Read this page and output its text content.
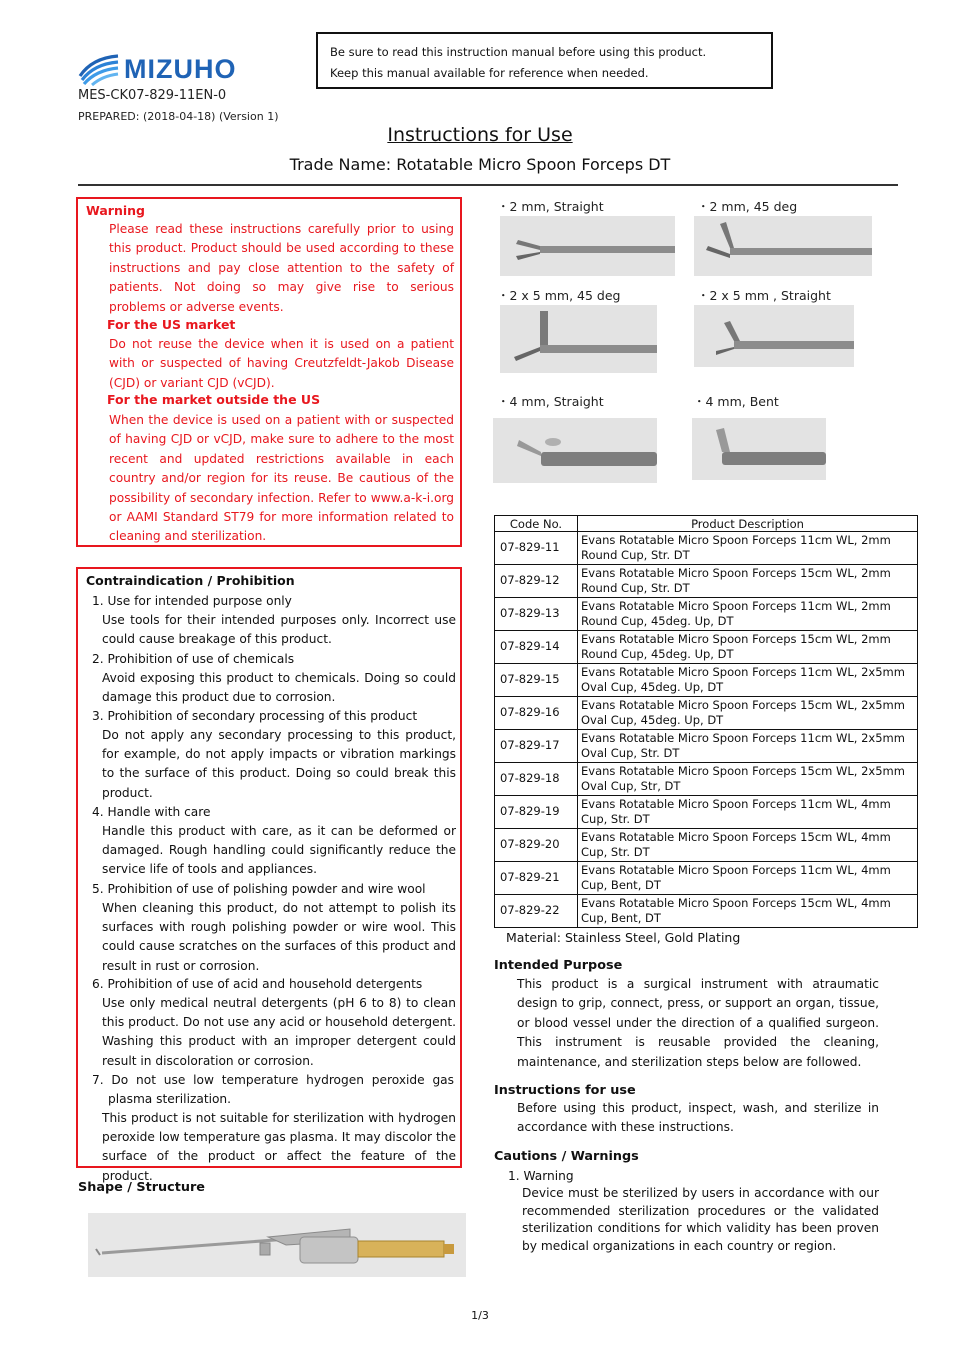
MIZUHO
MES-CK07-829-11EN-0
PREPARED: (2018-04-18) (Version 1)
Be sure to read this instruction manual before using this product.
Keep this manual available for reference when needed.
Instructions for Use
Trade Name: Rotatable Micro Spoon Forceps DT
Warning
Please read these instructions carefully prior to using this product. Product should be used according to these instructions and pay close attention to the safety of patients. Not doing so may give rise to serious problems or adverse events.
For the US market
Do not reuse the device when it is used on a patient with or suspected of having Creutzfeldt-Jakob Disease (CJD) or variant CJD (vCJD).
For the market outside the US
When the device is used on a patient with or suspected of having CJD or vCJD, make sure to adhere to the most recent and updated restrictions available in each country and/or region for its reuse. Be cautious of the possibility of secondary infection. Refer to www.a-k-i.org or AAMI Standard ST79 for more information related to cleaning and sterilization.
Contraindication / Prohibition
1. Use for intended purpose only
Use tools for their intended purposes only. Incorrect use could cause breakage of this product.
2. Prohibition of use of chemicals
Avoid exposing this product to chemicals. Doing so could damage this product due to corrosion.
3. Prohibition of secondary processing of this product
Do not apply any secondary processing to this product, for example, do not apply impacts or vibration markings to the surface of this product. Doing so could break this product.
4. Handle with care
Handle this product with care, as it can be deformed or damaged. Rough handling could significantly reduce the service life of tools and appliances.
5. Prohibition of use of polishing powder and wire wool
When cleaning this product, do not attempt to polish its surfaces with rough polishing powder or wire wool. This could cause scratches on the surfaces of this product and result in rust or corrosion.
6. Prohibition of use of acid and household detergents
Use only medical neutral detergents (pH 6 to 8) to clean this product. Do not use any acid or household detergent. Washing this product with an improper detergent could result in discoloration or corrosion.
7. Do not use low temperature hydrogen peroxide gas plasma sterilization.
This product is not suitable for sterilization with hydrogen peroxide low temperature gas plasma. It may discolor the surface of the product or affect the feature of the product.
Shape / Structure
・2 mm, Straight	・2 mm, 45 deg
・2 x 5 mm, 45 deg	・2 x 5 mm , Straight
・4 mm, Straight	・4 mm, Bent
Code No.	Product Description
07-829-11	Evans Rotatable Micro Spoon Forceps 11cm WL, 2mm
Round Cup, Str. DT

07-829-12	Evans Rotatable Micro Spoon Forceps 15cm WL, 2mm
Round Cup, Str. DT

07-829-13	Evans Rotatable Micro Spoon Forceps 11cm WL, 2mm
Round Cup, 45deg. Up, DT

07-829-14	Evans Rotatable Micro Spoon Forceps 15cm WL, 2mm
Round Cup, 45deg. Up, DT

07-829-15	Evans Rotatable Micro Spoon Forceps 11cm WL, 2x5mm
Oval Cup, 45deg. Up, DT

07-829-16	Evans Rotatable Micro Spoon Forceps 15cm WL, 2x5mm
Oval Cup, 45deg. Up, DT

07-829-17	Evans Rotatable Micro Spoon Forceps 11cm WL, 2x5mm
Oval Cup, Str. DT

07-829-18	Evans Rotatable Micro Spoon Forceps 15cm WL, 2x5mm
Oval Cup, Str, DT

07-829-19	Evans Rotatable Micro Spoon Forceps 11cm WL, 4mm
Cup, Str. DT

07-829-20	Evans Rotatable Micro Spoon Forceps 15cm WL, 4mm
Cup, Str. DT

07-829-21	Evans Rotatable Micro Spoon Forceps 11cm WL, 4mm
Cup, Bent, DT

07-829-22	Evans Rotatable Micro Spoon Forceps 15cm WL, 4mm
Cup, Bent, DT
Material: Stainless Steel, Gold Plating
Intended Purpose
This product is a surgical instrument with atraumatic design to grip, connect, press, or support an organ, tissue, or blood vessel under the direction of a qualified surgeon. This instrument is reusable provided the cleaning, maintenance, and sterilization steps below are followed.
Instructions for use
Before using this product, inspect, wash, and sterilize in accordance with these instructions.
Cautions / Warnings
1. Warning
Device must be sterilized by users in accordance with our recommended sterilization procedures or the validated sterilization conditions for which validity has been proven by medical organizations in each country or region.
1/3
